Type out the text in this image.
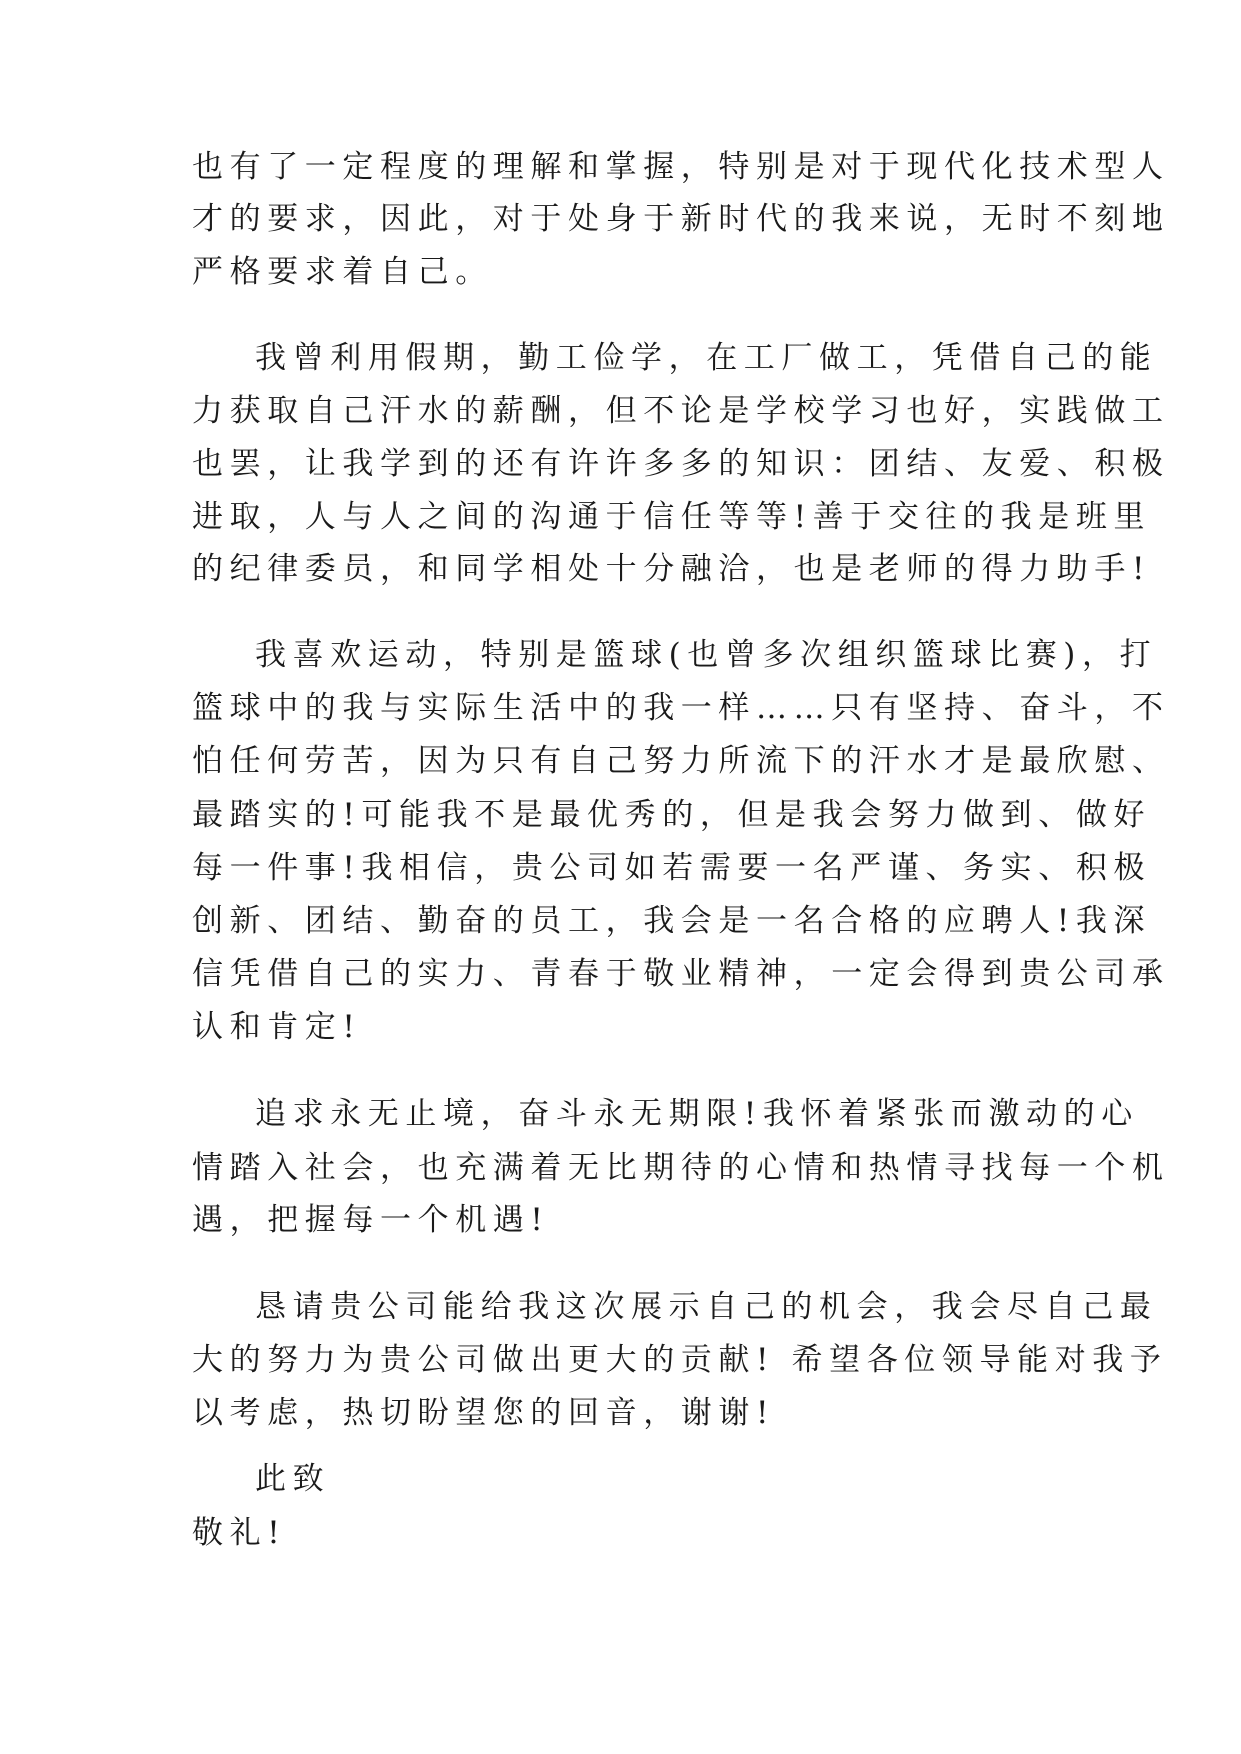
也有了一定程度的理解和掌握，特别是对于现代化技术型人
才的要求，因此，对于处身于新时代的我来说，无时不刻地
严格要求着自己。
我曾利用假期，勤工俭学，在工厂做工，凭借自己的能
力获取自己汗水的薪酬，但不论是学校学习也好，实践做工
也罢，让我学到的还有许许多多的知识：团结、友爱、积极
进取，人与人之间的沟通于信任等等!善于交往的我是班里
的纪律委员，和同学相处十分融洽，也是老师的得力助手!
我喜欢运动，特别是篮球(也曾多次组织篮球比赛)，打
篮球中的我与实际生活中的我一样……只有坚持、奋斗，不
怕任何劳苦，因为只有自己努力所流下的汗水才是最欣慰、
最踏实的!可能我不是最优秀的，但是我会努力做到、做好
每一件事!我相信，贵公司如若需要一名严谨、务实、积极
创新、团结、勤奋的员工，我会是一名合格的应聘人!我深
信凭借自己的实力、青春于敬业精神，一定会得到贵公司承
认和肯定!
追求永无止境，奋斗永无期限!我怀着紧张而激动的心
情踏入社会，也充满着无比期待的心情和热情寻找每一个机
遇，把握每一个机遇!
恳请贵公司能给我这次展示自己的机会，我会尽自己最
大的努力为贵公司做出更大的贡献! 希望各位领导能对我予
以考虑，热切盼望您的回音，谢谢!
此致
敬礼!
